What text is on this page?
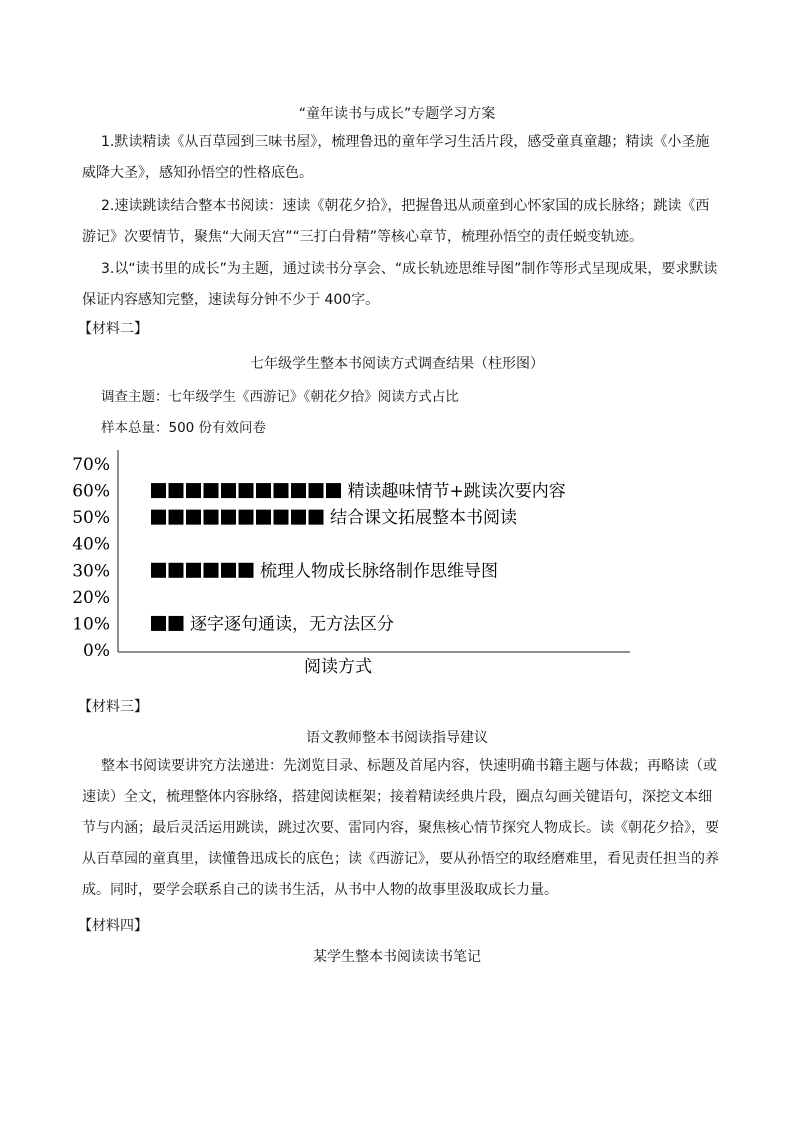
“童年读书与成长”专题学习方案
1.默读精读《从百草园到三味书屋》，梳理鲁迅的童年学习生活片段，感受童真童趣；精读《小圣施威降大圣》，感知孙悟空的性格底色。
2.速读跳读结合整本书阅读：速读《朝花夕拾》，把握鲁迅从顽童到心怀家国的成长脉络；跳读《西游记》次要情节，聚焦“大闹天宫”“三打白骨精”等核心章节，梳理孙悟空的责任蜕变轨迹。
3.以“读书里的成长”为主题，通过读书分享会、“成长轨迹思维导图”制作等形式呈现成果，要求默读保证内容感知完整，速读每分钟不少于 400字。
【材料二】
七年级学生整本书阅读方式调查结果（柱形图）
调查主题：七年级学生《西游记》《朝花夕拾》阅读方式占比
样本总量：500 份有效问卷
70%
60%
50%
40%
30%
20%
10%
0%
精读趣味情节+跳读次要内容
结合课文拓展整本书阅读
梳理人物成长脉络制作思维导图
逐字逐句通读，无方法区分
阅读方式
【材料三】
语文教师整本书阅读指导建议
整本书阅读要讲究方法递进：先浏览目录、标题及首尾内容，快速明确书籍主题与体裁；再略读（或速读）全文，梳理整体内容脉络，搭建阅读框架；接着精读经典片段，圈点勾画关键语句，深挖文本细节与内涵；最后灵活运用跳读，跳过次要、雷同内容，聚焦核心情节探究人物成长。读《朝花夕拾》，要从百草园的童真里，读懂鲁迅成长的底色；读《西游记》，要从孙悟空的取经磨难里，看见责任担当的养成。同时，要学会联系自己的读书生活，从书中人物的故事里汲取成长力量。
【材料四】
某学生整本书阅读读书笔记
